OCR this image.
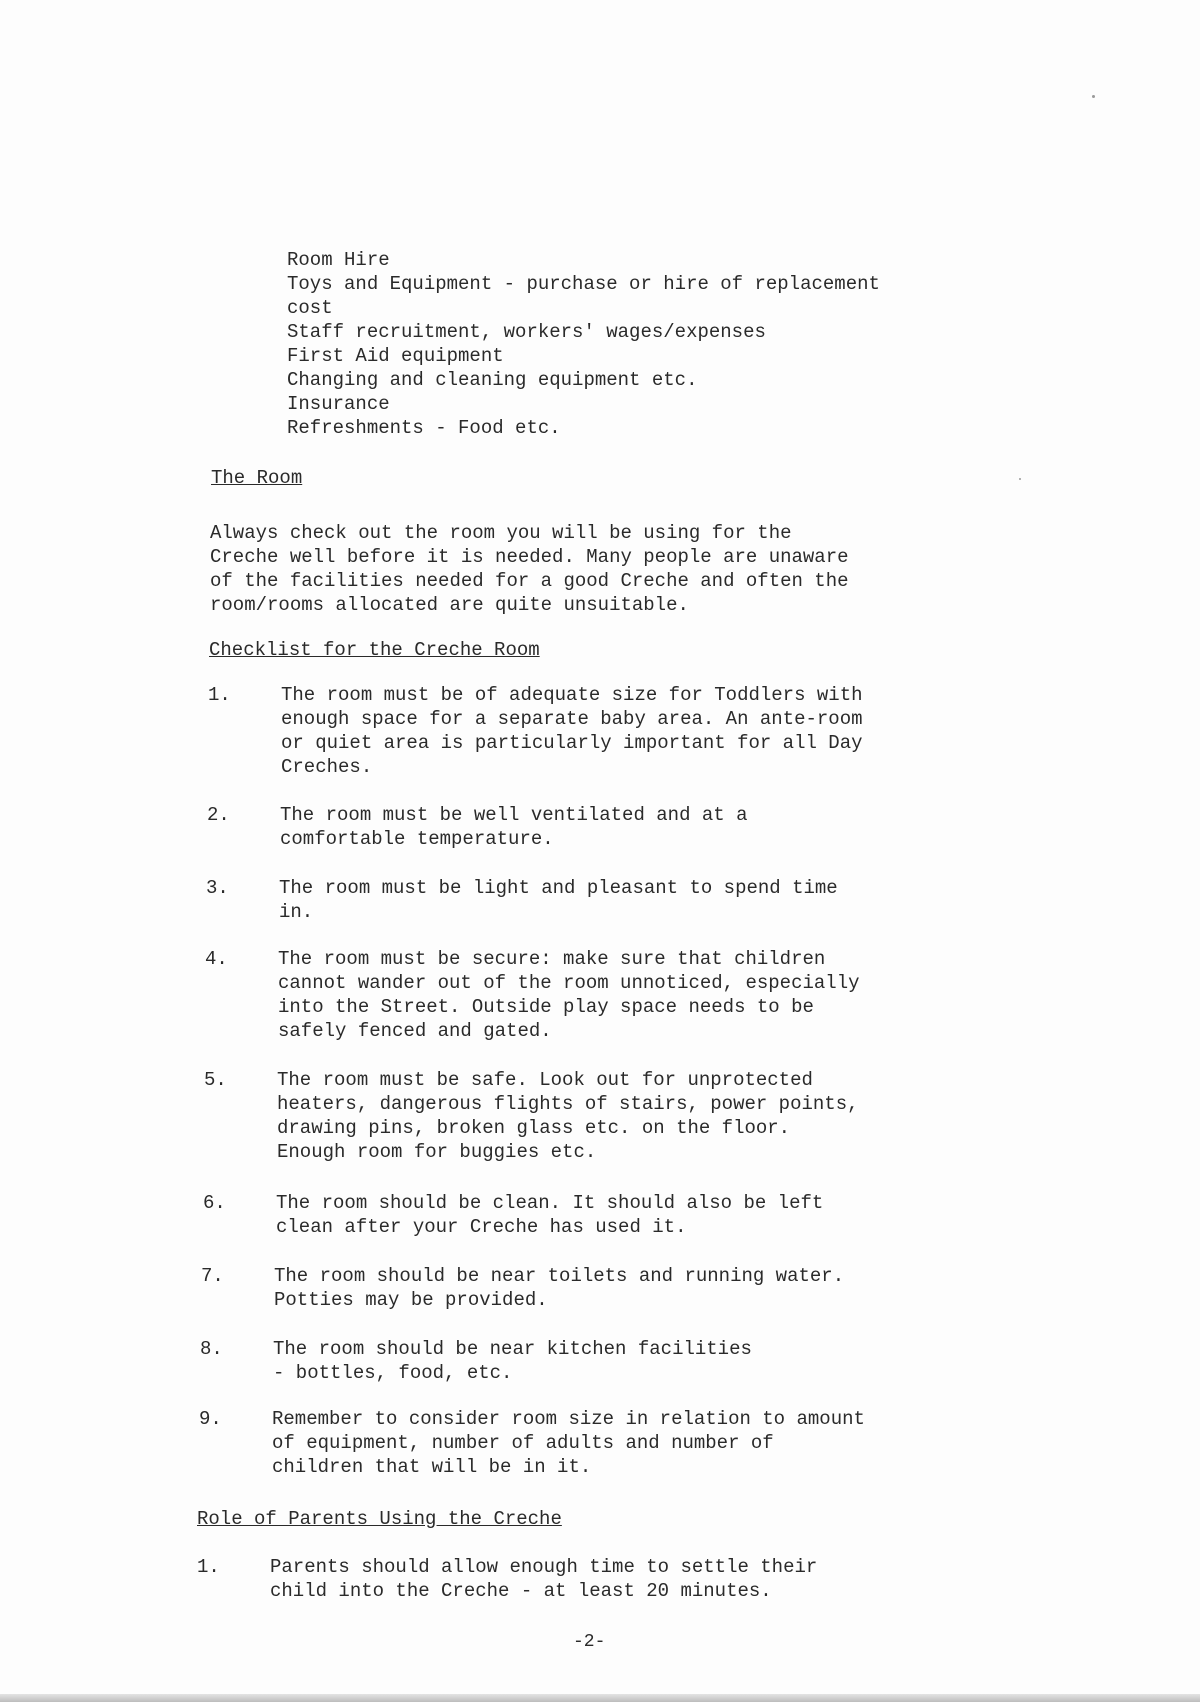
Room Hire
Toys and Equipment - purchase or hire of replacement
cost
Staff recruitment, workers' wages/expenses
First Aid equipment
Changing and cleaning equipment etc.
Insurance
Refreshments - Food etc.
The Room
Always check out the room you will be using for the
Creche well before it is needed. Many people are unaware
of the facilities needed for a good Creche and often the
room/rooms allocated are quite unsuitable.
Checklist for the Creche Room
1.	The room must be of adequate size for Toddlers with
enough space for a separate baby area. An ante-room
or quiet area is particularly important for all Day
Creches.
2.	The room must be well ventilated and at a
comfortable temperature.
3.	The room must be light and pleasant to spend time
in.
4.	The room must be secure: make sure that children
cannot wander out of the room unnoticed, especially
into the Street. Outside play space needs to be
safely fenced and gated.
5.	The room must be safe. Look out for unprotected
heaters, dangerous flights of stairs, power points,
drawing pins, broken glass etc. on the floor.
Enough room for buggies etc.
6.	The room should be clean. It should also be left
clean after your Creche has used it.
7.	The room should be near toilets and running water.
Potties may be provided.
8.	The room should be near kitchen facilities
- bottles, food, etc.
9.	Remember to consider room size in relation to amount
of equipment, number of adults and number of
children that will be in it.
Role of Parents Using the Creche
1.	Parents should allow enough time to settle their
child into the Creche - at least 20 minutes.
-2-
